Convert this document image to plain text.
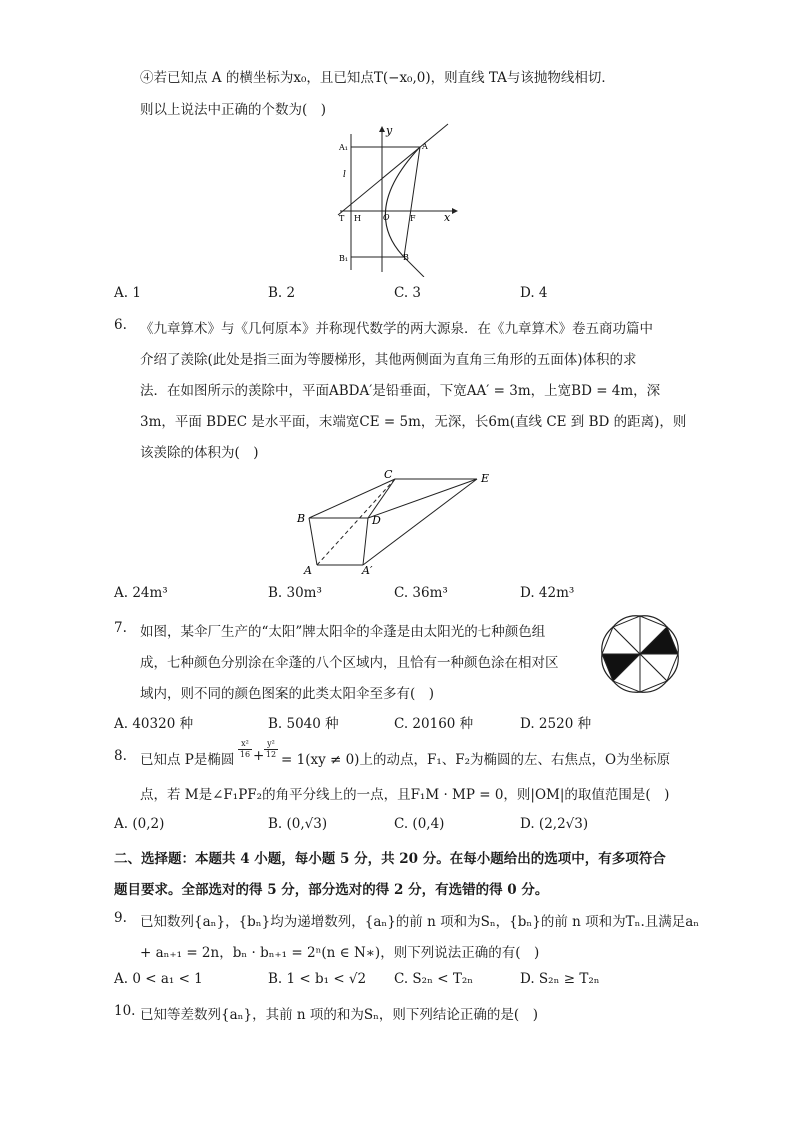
④若已知点 A 的横坐标为x₀，且已知点T(−x₀,0)，则直线 TA与该抛物线相切．
则以上说法中正确的个数为(　)
y
x
A₁	A
l
T H	O	F
B₁	B
A. 1	B. 2	C. 3	D. 4
6. 《九章算术》与《几何原本》并称现代数学的两大源泉．在《九章算术》卷五商功篇中
介绍了羡除(此处是指三面为等腰梯形，其他两侧面为直角三角形的五面体)体积的求
法．在如图所示的羡除中，平面ABDA′是铅垂面，下宽AA′ = 3m，上宽BD = 4m，深
3m，平面 BDEC 是水平面，末端宽CE = 5m，无深，长6m(直线 CE 到 BD 的距离)，则
该羡除的体积为(　)
C	E
B	D
A	A′
A. 24m³	B. 30m³	C. 36m³	D. 42m³
7. 如图，某伞厂生产的“太阳”牌太阳伞的伞蓬是由太阳光的七种颜色组
成，七种颜色分别涂在伞蓬的八个区域内，且恰有一种颜色涂在相对区
域内，则不同的颜色图案的此类太阳伞至多有(　)
A. 40320 种	B. 5040 种	C. 20160 种	D. 2520 种
8. 已知点 P是椭圆
$\frac{\text{x²}}{16} + \frac{\text{y²}}{12}$
= 1(xy ≠ 0)上的动点，F₁、F₂为椭圆的左、右焦点，O为坐标原
点，若 M是∠F₁PF₂的角平分线上的一点，且F₁M · MP = 0，则|OM|的取值范围是(　)
A. (0,2)	B. (0,√3)	C. (0,4)	D. (2,2√3)
二、选择题：本题共 4 小题，每小题 5 分，共 20 分。在每小题给出的选项中，有多项符合
题目要求。全部选对的得 5 分，部分选对的得 2 分，有选错的得 0 分。
9. 已知数列{aₙ}，{bₙ}均为递增数列，{aₙ}的前 n 项和为Sₙ，{bₙ}的前 n 项和为Tₙ.且满足aₙ
+ aₙ₊₁ = 2n，bₙ · bₙ₊₁ = 2ⁿ(n ∈ N∗)，则下列说法正确的有(　)
A. 0 < a₁ < 1	B. 1 < b₁ < √2 C. S₂ₙ < T₂ₙ	D. S₂ₙ ≥ T₂ₙ
10. 已知等差数列{aₙ}，其前 n 项的和为Sₙ，则下列结论正确的是(　)
